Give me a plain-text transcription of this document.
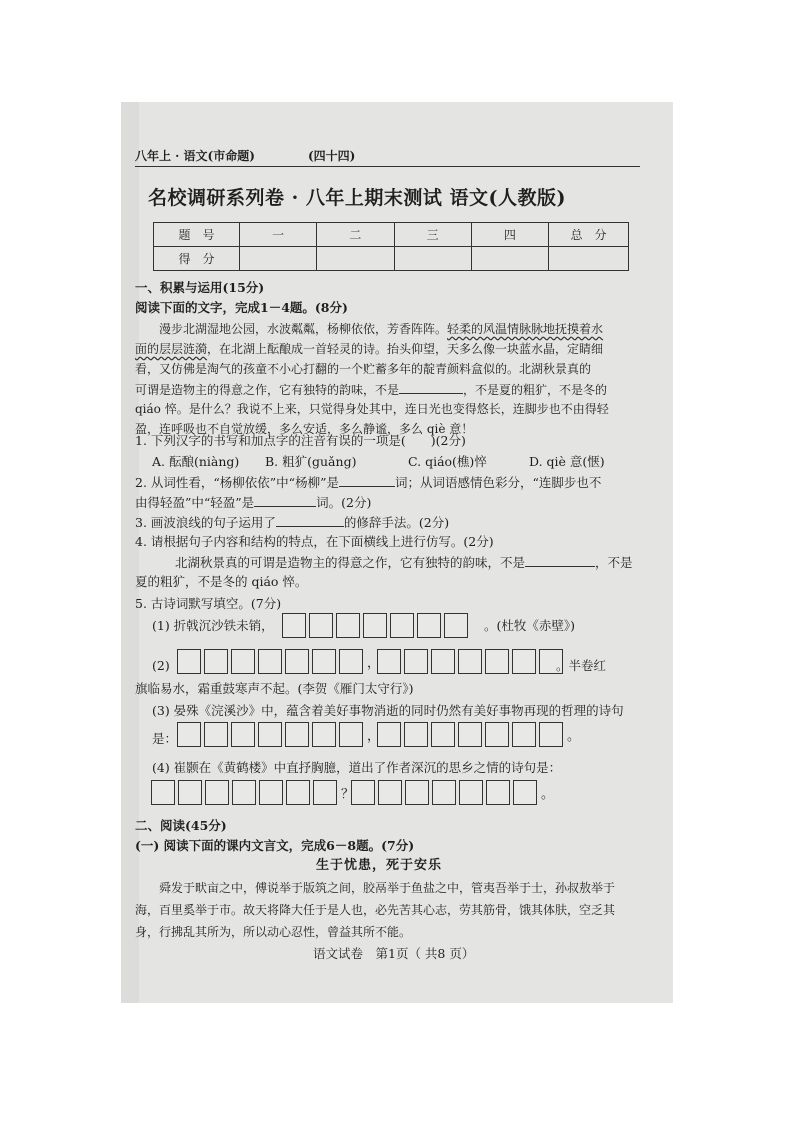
八年上 · 语文(市命题)	(四十四)
名校调研系列卷 · 八年上期末测试 语文(人教版)
题　号	一	二	三	四	总　分
得　分					
一、积累与运用(15分)
阅读下面的文字，完成1－4题。(8分)
　　漫步北湖湿地公园，水波粼粼，杨柳依依，芳香阵阵。轻柔的风温情脉脉地抚摸着水
面的层层涟漪，在北湖上酝酿成一首轻灵的诗。抬头仰望，天多么像一块蓝水晶，定睛细
看，又仿佛是淘气的孩童不小心打翻的一个贮蓄多年的靛青颜料盒似的。北湖秋景真的
可谓是造物主的得意之作，它有独特的韵味，不是	，不是夏的粗犷，不是冬的
qiáo 悴。是什么？我说不上来，只觉得身处其中，连日光也变得悠长，连脚步也不由得轻
盈，连呼吸也不自觉放缓，多么安适，多么静谧，多么 qiè 意！
1. 下列汉字的书写和加点字的注音有误的一项是(　　)(2分)
A. 酝酿(niàng) B. 粗犷(guǎng)	C. qiáo(樵)悴	D. qiè 意(惬)
2. 从词性看，“杨柳依依”中“杨柳”是	词；从词语感情色彩分，“连脚步也不
由得轻盈”中“轻盈”是	词。(2分)
3. 画波浪线的句子运用了	的修辞手法。(2分)
4. 请根据句子内容和结构的特点，在下面横线上进行仿写。(2分)
北湖秋景真的可谓是造物主的得意之作，它有独特的韵味，不是	，不是
夏的粗犷，不是冬的 qiáo 悴。
5. 古诗词默写填空。(7分)
(1) 折戟沉沙铁未销，	。(杜牧《赤壁》)
(2)	，	。半卷红
旗临易水，霜重鼓寒声不起。(李贺《雁门太守行》)
(3) 晏殊《浣溪沙》中，蕴含着美好事物消逝的同时仍然有美好事物再现的哲理的诗句
是：	，	。
(4) 崔颢在《黄鹤楼》中直抒胸臆，道出了作者深沉的思乡之情的诗句是：
？	。
二、阅读(45分)
(一) 阅读下面的课内文言文，完成6－8题。(7分)
生于忧患，死于安乐
　　舜发于畎亩之中，傅说举于版筑之间，胶鬲举于鱼盐之中，管夷吾举于士，孙叔敖举于
海，百里奚举于市。故天将降大任于是人也，必先苦其心志，劳其筋骨，饿其体肤，空乏其
身，行拂乱其所为，所以动心忍性，曾益其所不能。
语文试卷　第1页（ 共8 页）
